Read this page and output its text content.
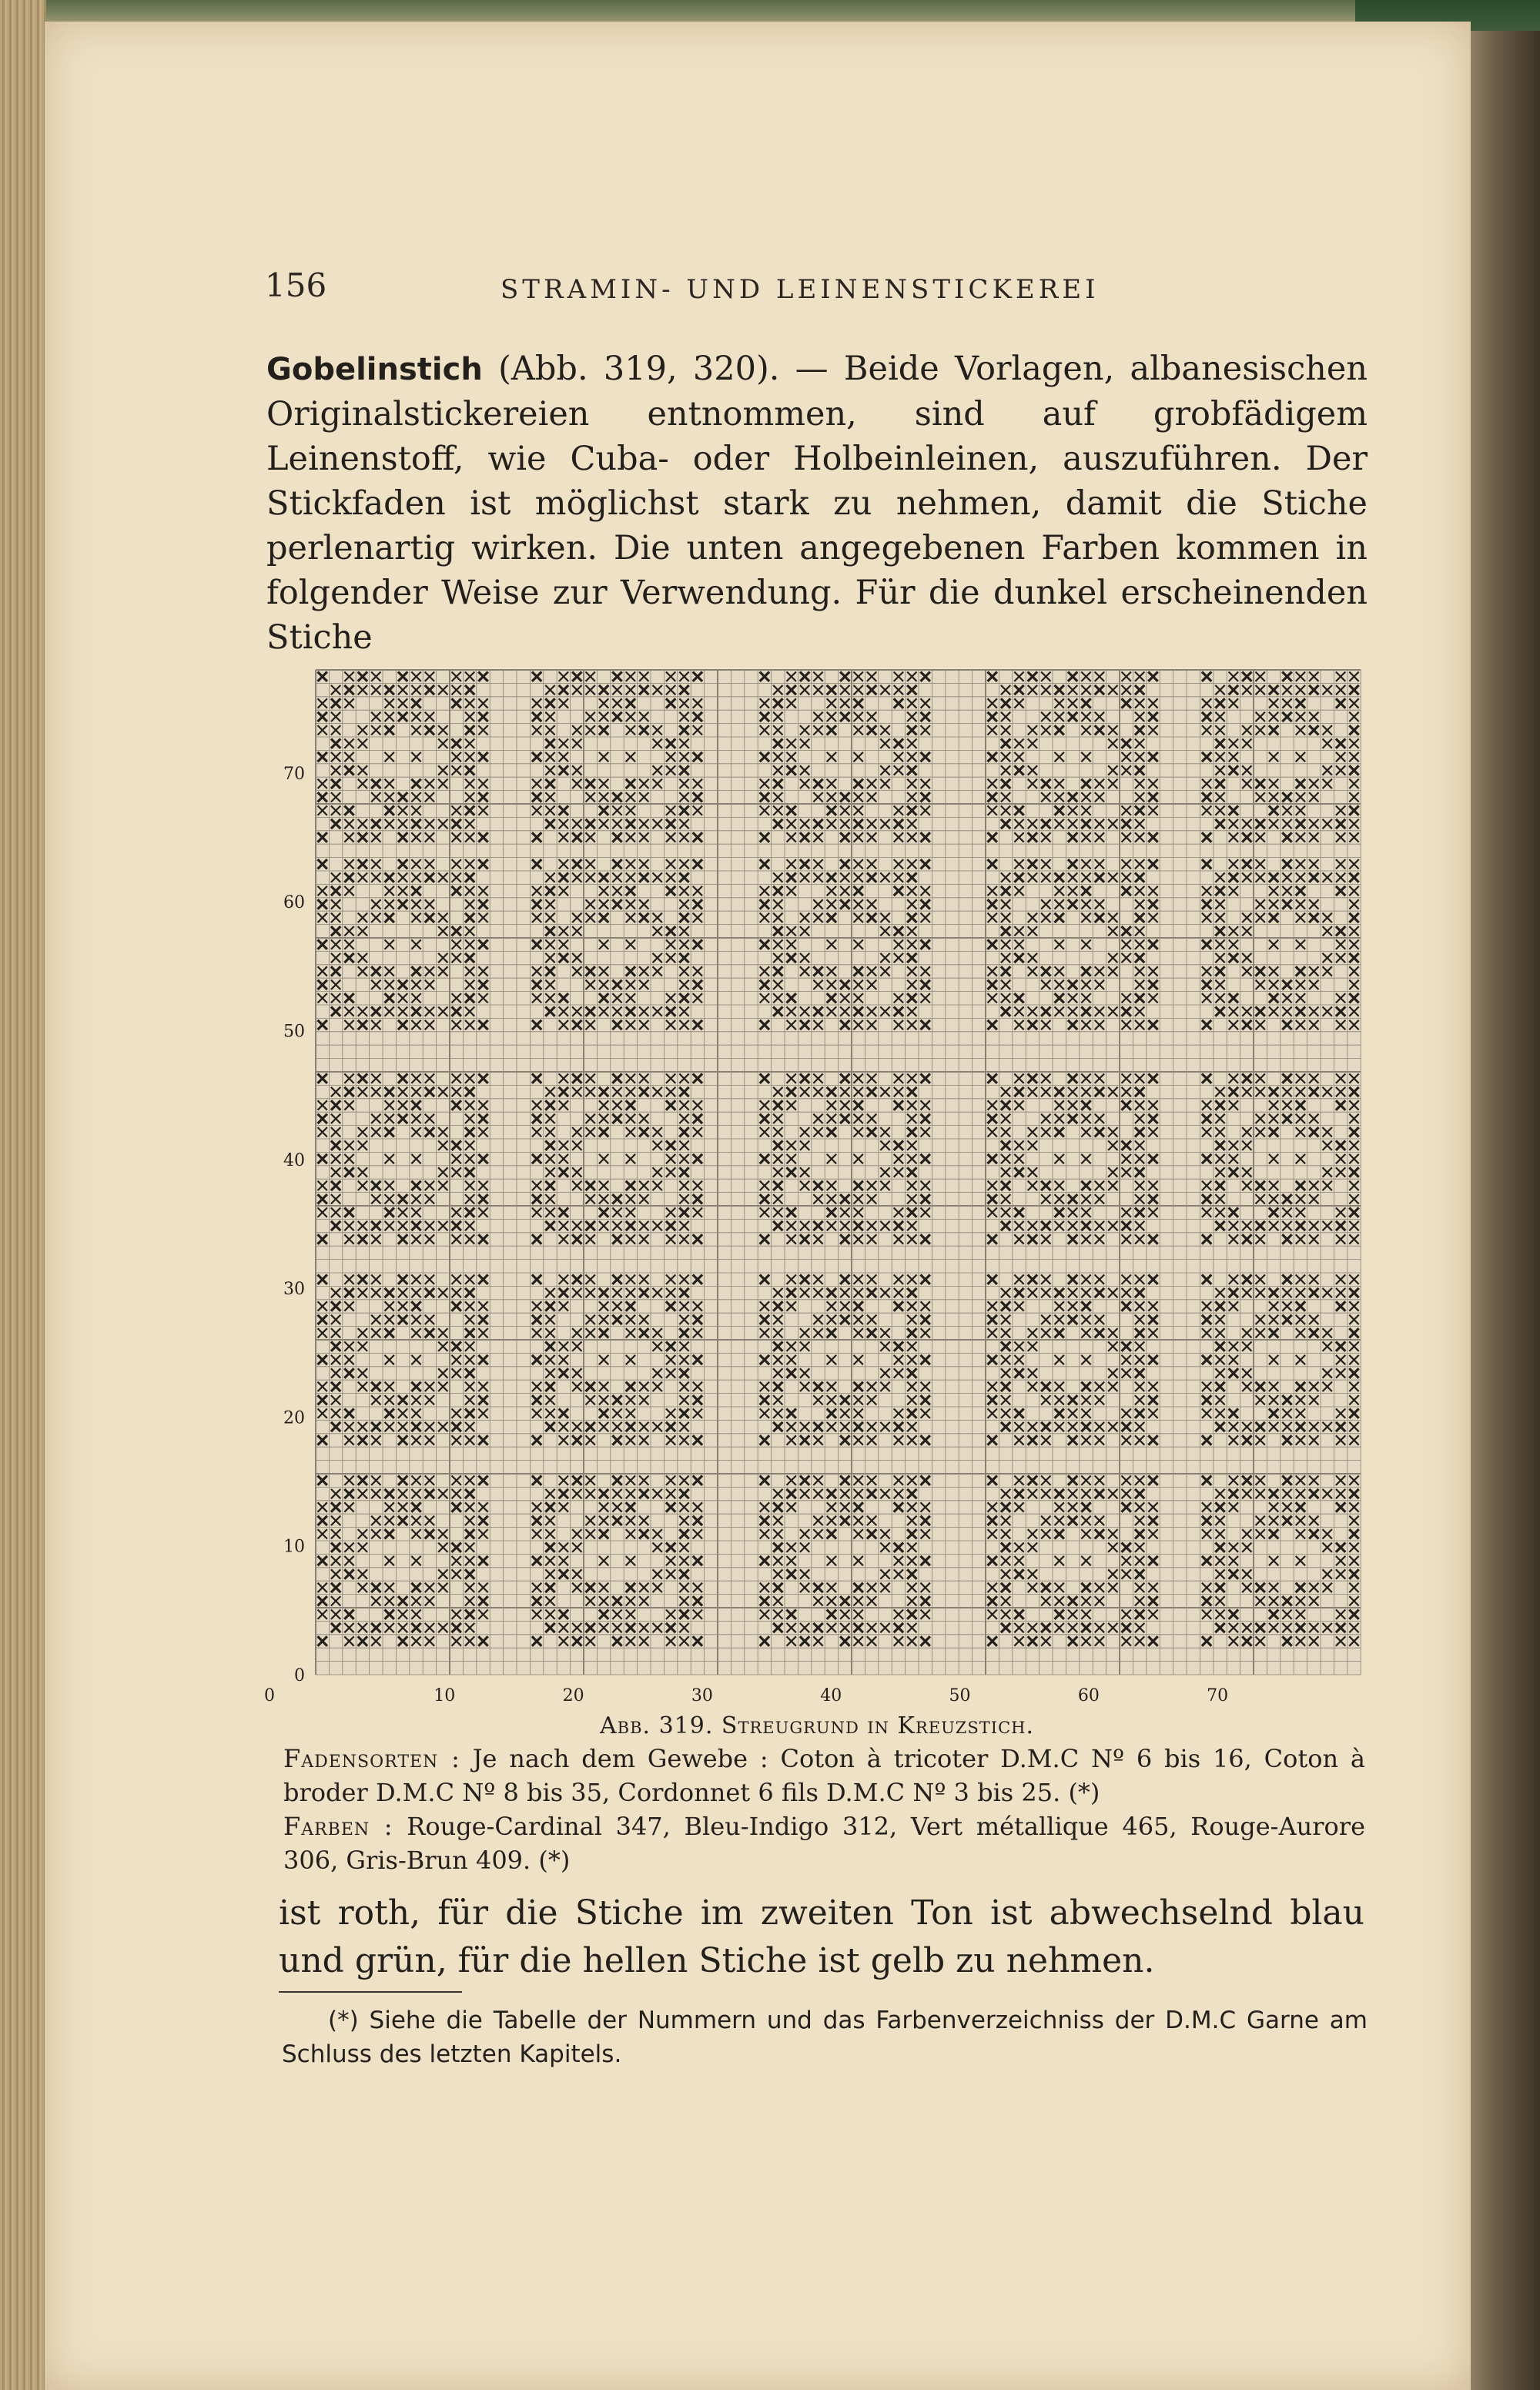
156	STRAMIN- UND LEINENSTICKEREI

Gobelinstich (Abb. 319, 320). — Beide Vorlagen, albanesischen Originalstickereien entnommen, sind auf grobfädigem Leinenstoff, wie Cuba- oder Holbeinleinen, auszuführen. Der Stickfaden ist möglichst stark zu nehmen, damit die Stiche perlenartig wirken. Die unten angegebenen Farben kommen in folgender Weise zur Verwendung. Für die dunkel erscheinenden Stiche

0
10
20
30
40
50
60
70
0	10	20	30	40	50	60	70
Abb. 319. Streugrund in Kreuzstich.

Fadensorten : Je nach dem Gewebe : Coton à tricoter D.M.C Nº 6 bis 16, Coton à broder D.M.C Nº 8 bis 35, Cordonnet 6 fils D.M.C Nº 3 bis 25. (*)

Farben : Rouge-Cardinal 347, Bleu-Indigo 312, Vert métallique 465, Rouge-Aurore 306, Gris-Brun 409. (*)

ist roth, für die Stiche im zweiten Ton ist abwechselnd blau und grün, für die hellen Stiche ist gelb zu nehmen.

(*) Siehe die Tabelle der Nummern und das Farbenverzeichniss der D.M.C Garne am Schluss des letzten Kapitels.
